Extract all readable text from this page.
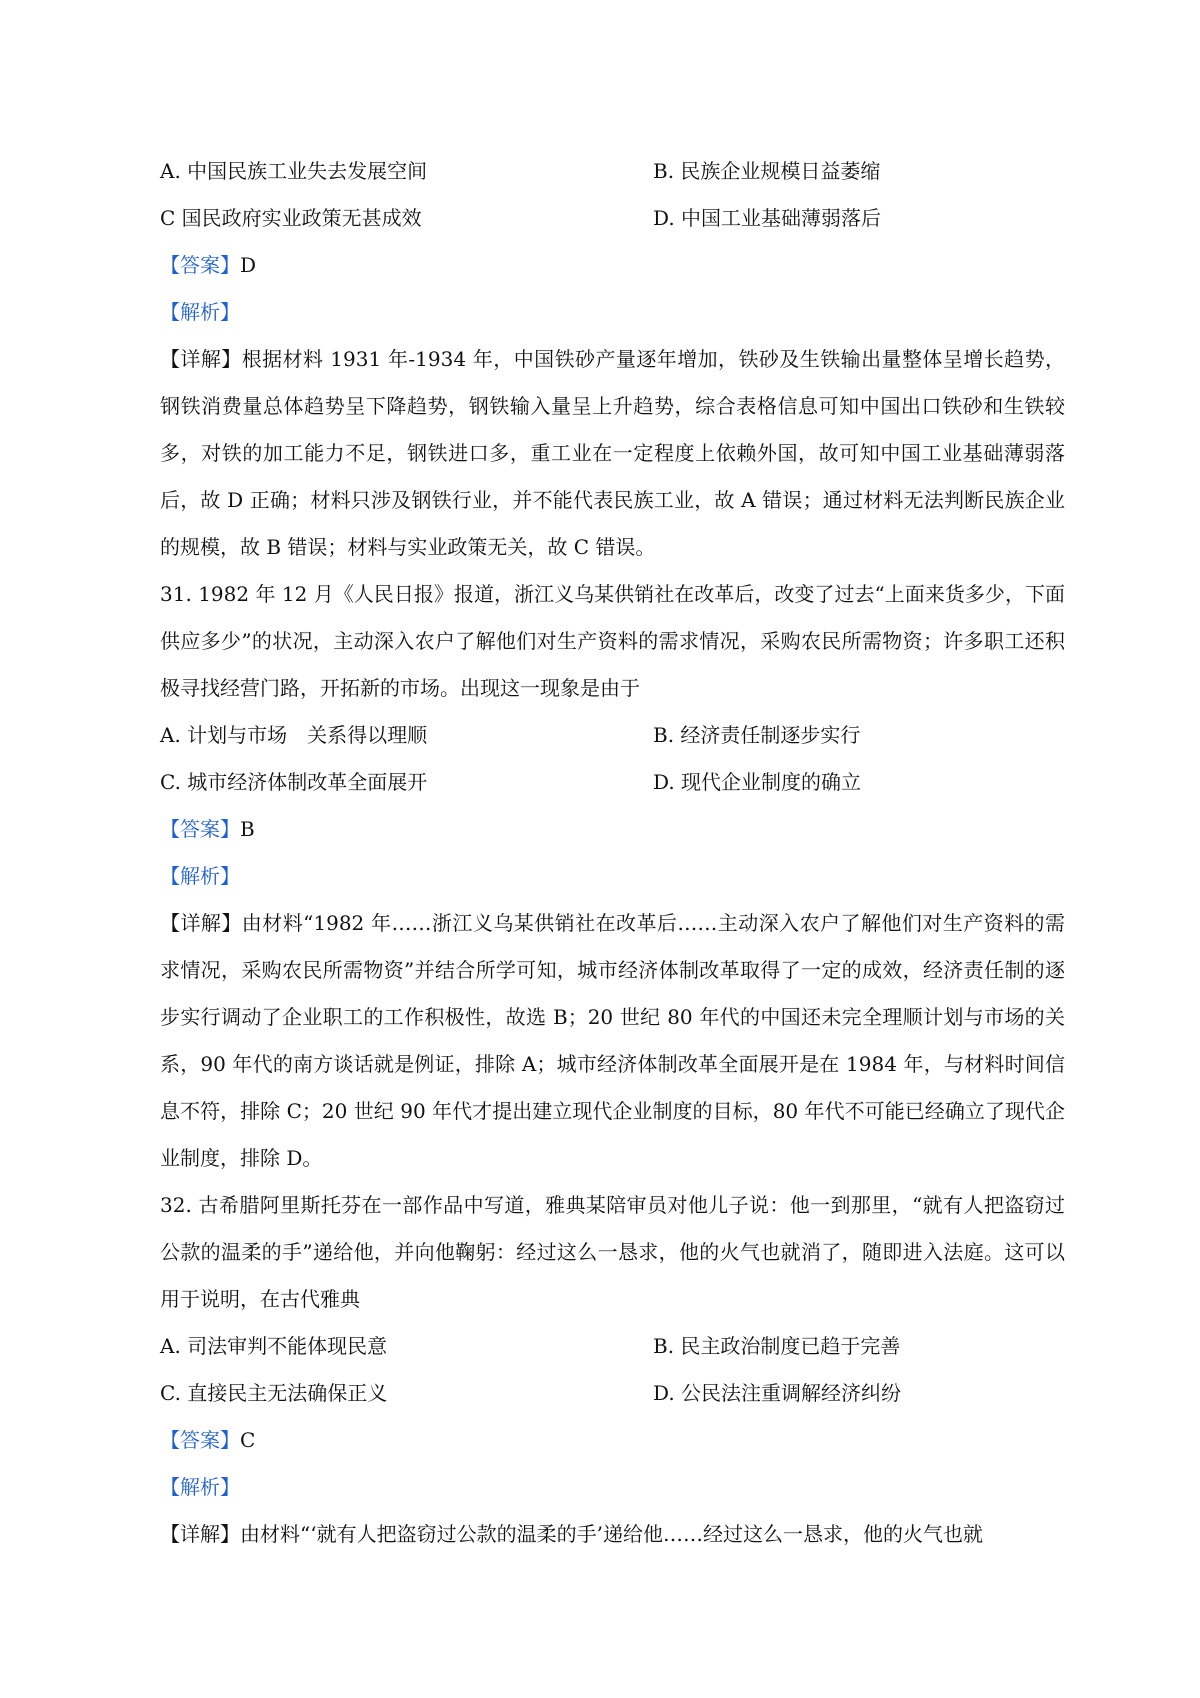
A. 中国民族工业失去发展空间	B. 民族企业规模日益萎缩
C 国民政府实业政策无甚成效	D. 中国工业基础薄弱落后
【答案】D
【解析】
【详解】根据材料 1931 年-1934 年，中国铁砂产量逐年增加，铁砂及生铁输出量整体呈增长趋势，钢铁消费量总体趋势呈下降趋势，钢铁输入量呈上升趋势，综合表格信息可知中国出口铁砂和生铁较多，对铁的加工能力不足，钢铁进口多，重工业在一定程度上依赖外国，故可知中国工业基础薄弱落后，故 D 正确；材料只涉及钢铁行业，并不能代表民族工业，故 A 错误；通过材料无法判断民族企业的规模，故 B 错误；材料与实业政策无关，故 C 错误。
31. 1982 年 12 月《人民日报》报道，浙江义乌某供销社在改革后，改变了过去“上面来货多少，下面供应多少”的状况，主动深入农户了解他们对生产资料的需求情况，采购农民所需物资；许多职工还积极寻找经营门路，开拓新的市场。出现这一现象是由于
A. 计划与市场　关系得以理顺	B. 经济责任制逐步实行
C. 城市经济体制改革全面展开	D. 现代企业制度的确立
【答案】B
【解析】
【详解】由材料“1982 年……浙江义乌某供销社在改革后……主动深入农户了解他们对生产资料的需求情况，采购农民所需物资”并结合所学可知，城市经济体制改革取得了一定的成效，经济责任制的逐步实行调动了企业职工的工作积极性，故选 B；20 世纪 80 年代的中国还未完全理顺计划与市场的关系，90 年代的南方谈话就是例证，排除 A；城市经济体制改革全面展开是在 1984 年，与材料时间信息不符，排除 C；20 世纪 90 年代才提出建立现代企业制度的目标，80 年代不可能已经确立了现代企业制度，排除 D。
32. 古希腊阿里斯托芬在一部作品中写道，雅典某陪审员对他儿子说：他一到那里，“就有人把盗窃过公款的温柔的手”递给他，并向他鞠躬：经过这么一恳求，他的火气也就消了，随即进入法庭。这可以用于说明，在古代雅典
A. 司法审判不能体现民意	B. 民主政治制度已趋于完善
C. 直接民主无法确保正义	D. 公民法注重调解经济纠纷
【答案】C
【解析】
【详解】由材料“‘就有人把盗窃过公款的温柔的手’递给他……经过这么一恳求，他的火气也就
